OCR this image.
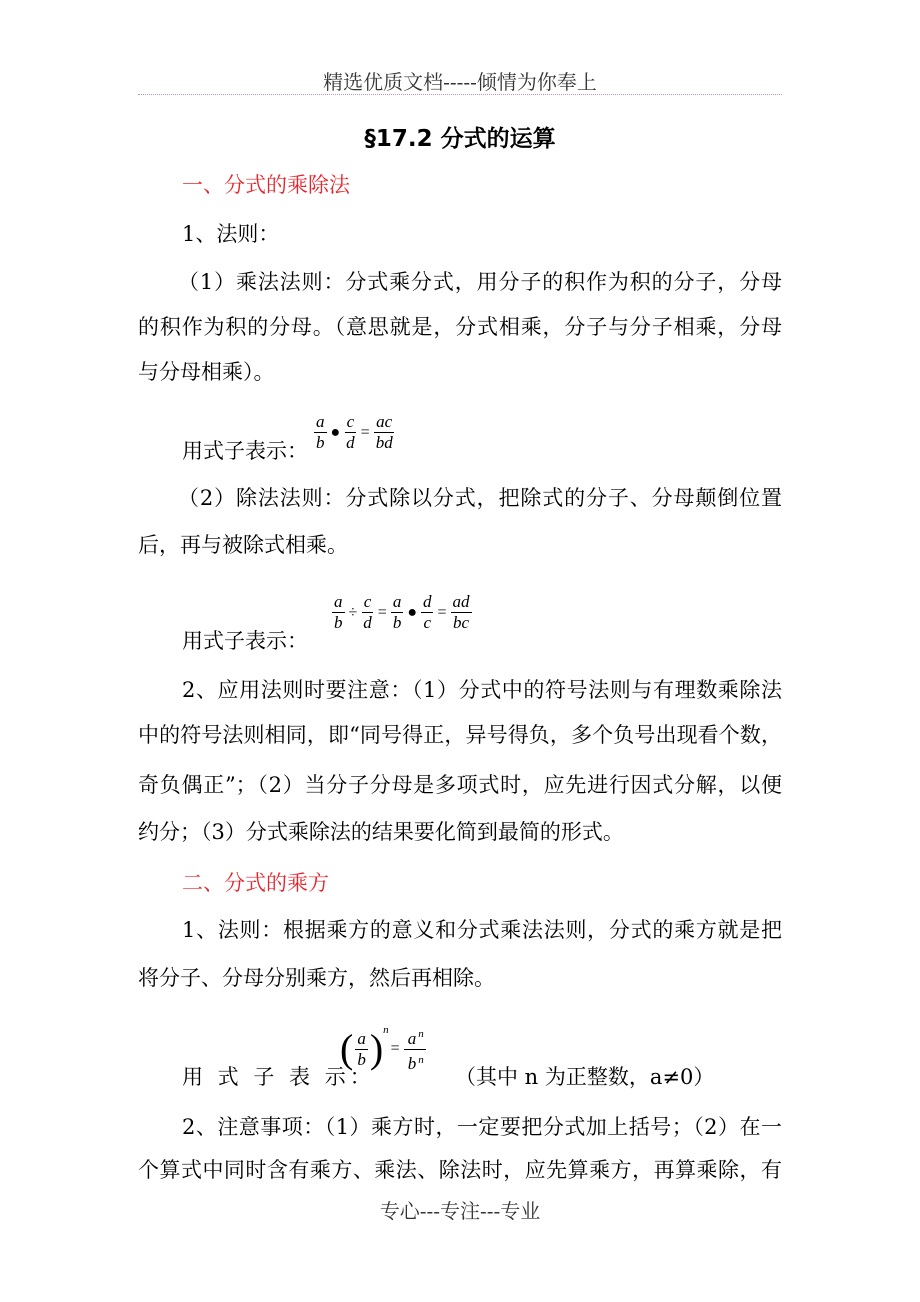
精选优质文档-----倾情为你奉上
§17.2 分式的运算
一、分式的乘除法
1、法则：
（1）乘法法则：分式乘分式，用分子的积作为积的分子，分母
的积作为积的分母。（意思就是，分式相乘，分子与分子相乘，分母
与分母相乘）。
用式子表示： $\frac{a}{b}$ ● $\frac{c}{d} = \frac{ac}{bd}$
（2）除法法则：分式除以分式，把除式的分子、分母颠倒位置
后，再与被除式相乘。
用式子表示：
$\frac{a}{b} \div \frac{c}{d} = \frac{a}{b}$ ● $\frac{d}{c} = \frac{ad}{bc}$
2、应用法则时要注意：（1）分式中的符号法则与有理数乘除法
中的符号法则相同，即“同号得正，异号得负，多个负号出现看个数，
奇负偶正”；（2）当分子分母是多项式时，应先进行因式分解，以便
约分；（3）分式乘除法的结果要化简到最简的形式。
二、分式的乘方
1、法则：根据乘方的意义和分式乘法法则，分式的乘方就是把
将分子、分母分别乘方，然后再相除。
用 式 子 表 示：
( $\frac{a}{b} )^n$
= $\frac{a ^n}{b ^n}$
（其中 n 为正整数，a≠0）
2、注意事项：（1）乘方时，一定要把分式加上括号；（2）在一
个算式中同时含有乘方、乘法、除法时，应先算乘方，再算乘除，有
专心---专注---专业
